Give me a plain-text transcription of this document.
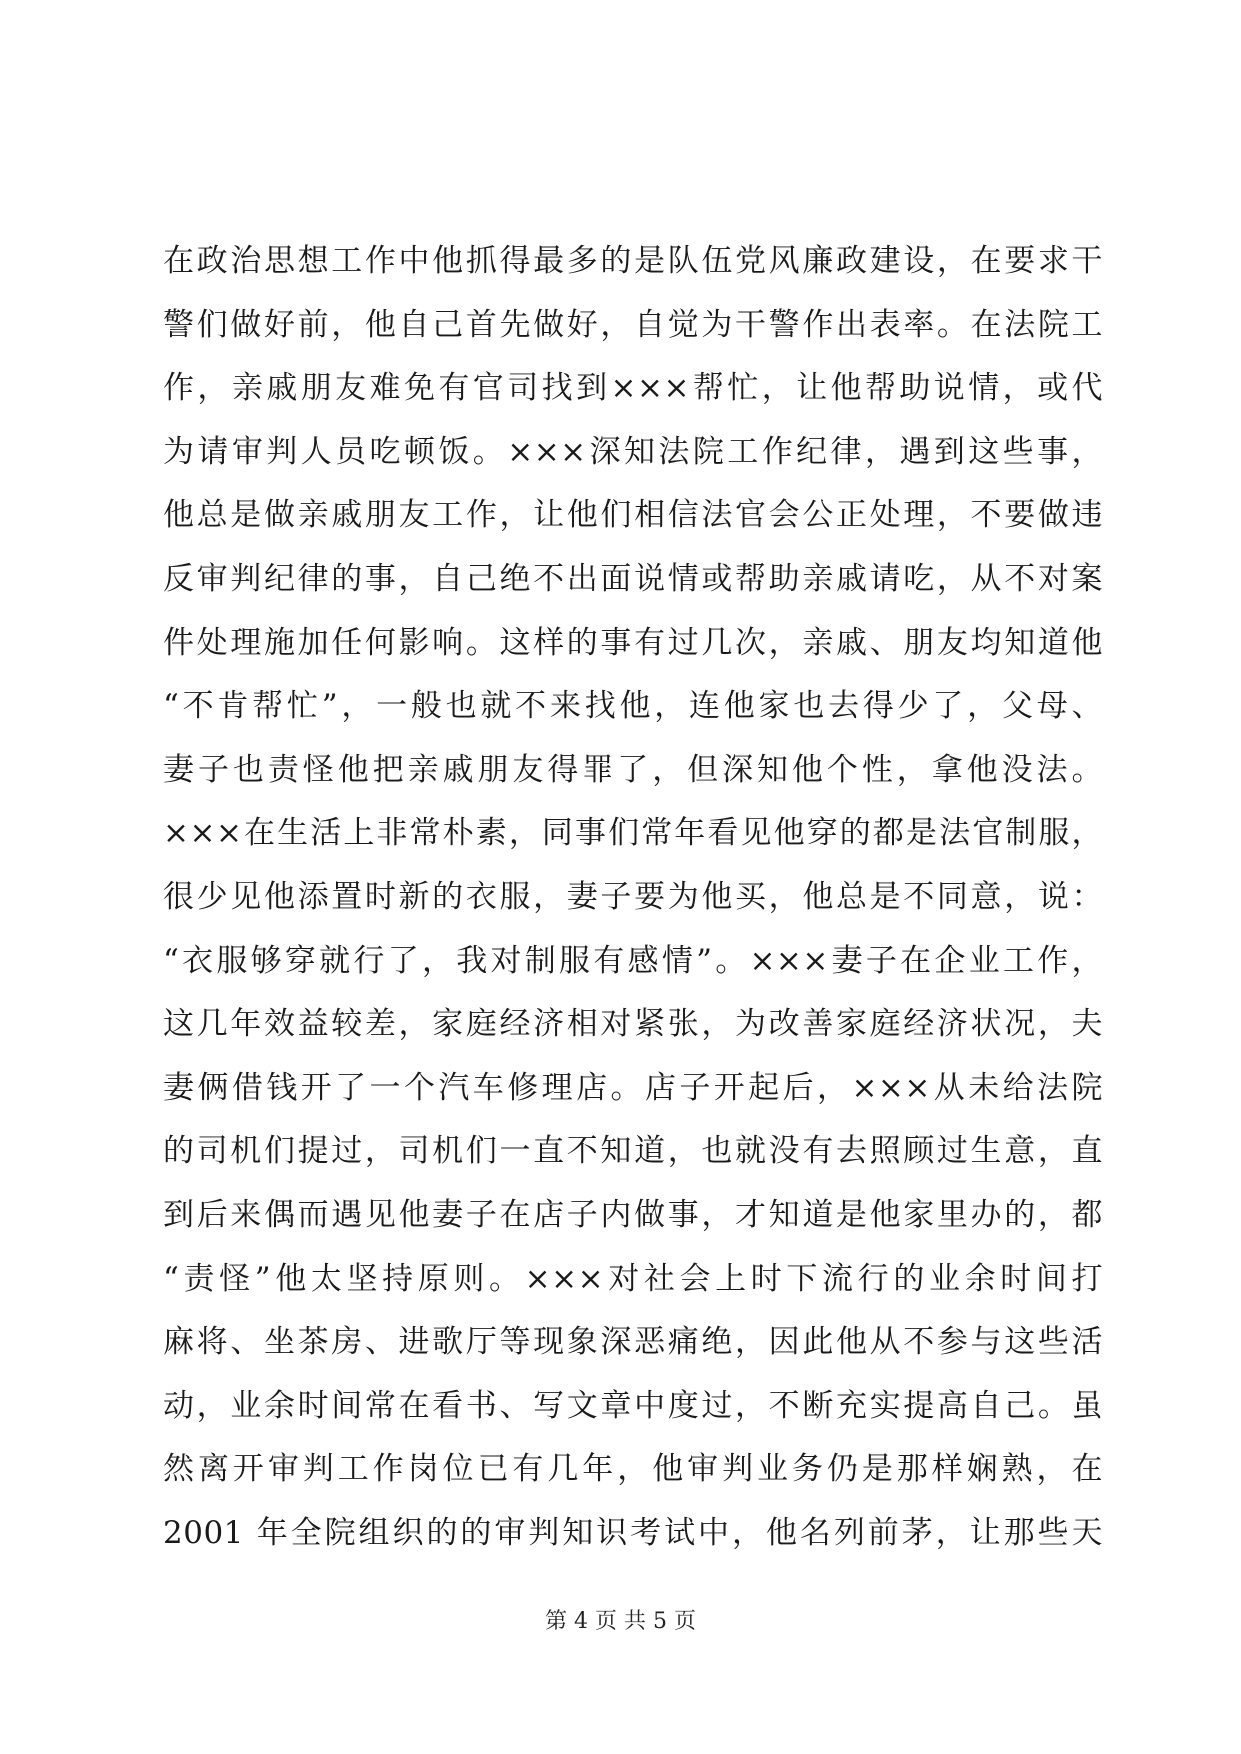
在政治思想工作中他抓得最多的是队伍党风廉政建设，在要求干
警们做好前，他自己首先做好，自觉为干警作出表率。在法院工
作，亲戚朋友难免有官司找到×××帮忙，让他帮助说情，或代
为请审判人员吃顿饭。×××深知法院工作纪律，遇到这些事，
他总是做亲戚朋友工作，让他们相信法官会公正处理，不要做违
反审判纪律的事，自己绝不出面说情或帮助亲戚请吃，从不对案
件处理施加任何影响。这样的事有过几次，亲戚、朋友均知道他
“不肯帮忙”，一般也就不来找他，连他家也去得少了，父母、
妻子也责怪他把亲戚朋友得罪了，但深知他个性，拿他没法。
×××在生活上非常朴素，同事们常年看见他穿的都是法官制服，
很少见他添置时新的衣服，妻子要为他买，他总是不同意，说：
“衣服够穿就行了，我对制服有感情”。×××妻子在企业工作，
这几年效益较差，家庭经济相对紧张，为改善家庭经济状况，夫
妻俩借钱开了一个汽车修理店。店子开起后，×××从未给法院
的司机们提过，司机们一直不知道，也就没有去照顾过生意，直
到后来偶而遇见他妻子在店子内做事，才知道是他家里办的，都
“责怪”他太坚持原则。×××对社会上时下流行的业余时间打
麻将、坐茶房、进歌厅等现象深恶痛绝，因此他从不参与这些活
动，业余时间常在看书、写文章中度过，不断充实提高自己。虽
然离开审判工作岗位已有几年，他审判业务仍是那样娴熟，在
2001 年全院组织的的审判知识考试中，他名列前茅，让那些天
第 4 页 共 5 页
